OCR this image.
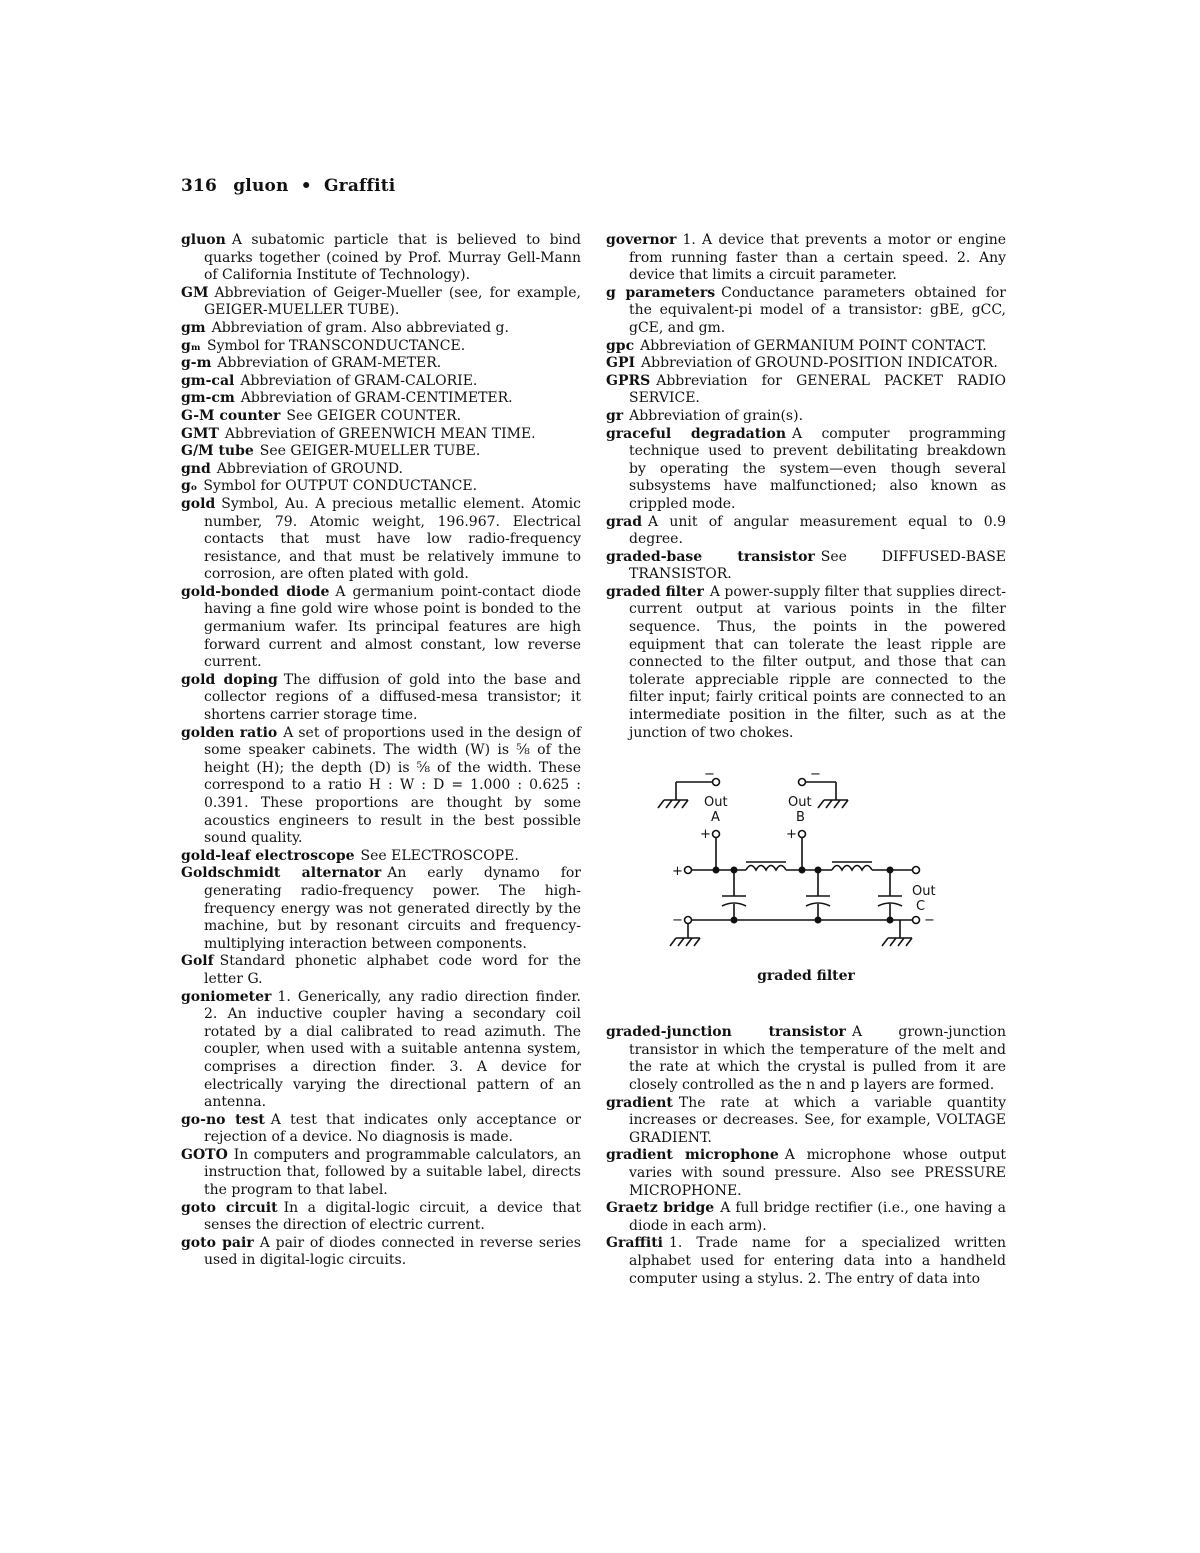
316 gluon • Graffiti

gluon A subatomic particle that is believed to bind quarks together (coined by Prof. Murray Gell-Mann of California Institute of Technology).

GM Abbreviation of Geiger-Mueller (see, for example, GEIGER-MUELLER TUBE).

gm Abbreviation of gram. Also abbreviated g.

gₘ Symbol for TRANSCONDUCTANCE.

g-m Abbreviation of GRAM-METER.

gm-cal Abbreviation of GRAM-CALORIE.

gm-cm Abbreviation of GRAM-CENTIMETER.

G-M counter See GEIGER COUNTER.

GMT Abbreviation of GREENWICH MEAN TIME.

G/M tube See GEIGER-MUELLER TUBE.

gnd Abbreviation of GROUND.

gₒ Symbol for OUTPUT CONDUCTANCE.

gold Symbol, Au. A precious metallic element. Atomic number, 79. Atomic weight, 196.967. Electrical contacts that must have low radio-frequency resistance, and that must be relatively immune to corrosion, are often plated with gold.

gold-bonded diode A germanium point-contact diode having a fine gold wire whose point is bonded to the germanium wafer. Its principal features are high forward current and almost constant, low reverse current.

gold doping The diffusion of gold into the base and collector regions of a diffused-mesa transistor; it shortens carrier storage time.

golden ratio A set of proportions used in the design of some speaker cabinets. The width (W) is ⅝ of the height (H); the depth (D) is ⅝ of the width. These correspond to a ratio H : W : D = 1.000 : 0.625 : 0.391. These proportions are thought by some acoustics engineers to result in the best possible sound quality.

gold-leaf electroscope See ELECTROSCOPE.

Goldschmidt alternator An early dynamo for generating radio-frequency power. The high-frequency energy was not generated directly by the machine, but by resonant circuits and frequency-multiplying interaction between components.

Golf Standard phonetic alphabet code word for the letter G.

goniometer 1. Generically, any radio direction finder. 2. An inductive coupler having a secondary coil rotated by a dial calibrated to read azimuth. The coupler, when used with a suitable antenna system, comprises a direction finder. 3. A device for electrically varying the directional pattern of an antenna.

go-no test A test that indicates only acceptance or rejection of a device. No diagnosis is made.

GOTO In computers and programmable calculators, an instruction that, followed by a suitable label, directs the program to that label.

goto circuit In a digital-logic circuit, a device that senses the direction of electric current.

goto pair A pair of diodes connected in reverse series used in digital-logic circuits.

governor 1. A device that prevents a motor or engine from running faster than a certain speed. 2. Any device that limits a circuit parameter.

g parameters Conductance parameters obtained for the equivalent-pi model of a transistor: gBE, gCC, gCE, and gm.

gpc Abbreviation of GERMANIUM POINT CONTACT.

GPI Abbreviation of GROUND-POSITION INDICATOR.

GPRS Abbreviation for GENERAL PACKET RADIO SERVICE.

gr Abbreviation of grain(s).

graceful degradation A computer programming technique used to prevent debilitating breakdown by operating the system—even though several subsystems have malfunctioned; also known as crippled mode.

grad A unit of angular measurement equal to 0.9 degree.

graded-base transistor See DIFFUSED-BASE TRANSISTOR.

graded filter A power-supply filter that supplies direct-current output at various points in the filter sequence. Thus, the points in the powered equipment that can tolerate the least ripple are connected to the filter output, and those that can tolerate appreciable ripple are connected to the filter input; fairly critical points are connected to an intermediate position in the filter, such as at the junction of two chokes.

−	−
Out
A
Out
B
+	+
+
−
Out
C
−
graded filter

graded-junction transistor A grown-junction transistor in which the temperature of the melt and the rate at which the crystal is pulled from it are closely controlled as the n and p layers are formed.

gradient The rate at which a variable quantity increases or decreases. See, for example, VOLTAGE GRADIENT.

gradient microphone A microphone whose output varies with sound pressure. Also see PRESSURE MICROPHONE.

Graetz bridge A full bridge rectifier (i.e., one having a diode in each arm).

Graffiti 1. Trade name for a specialized written alphabet used for entering data into a handheld computer using a stylus. 2. The entry of data into
